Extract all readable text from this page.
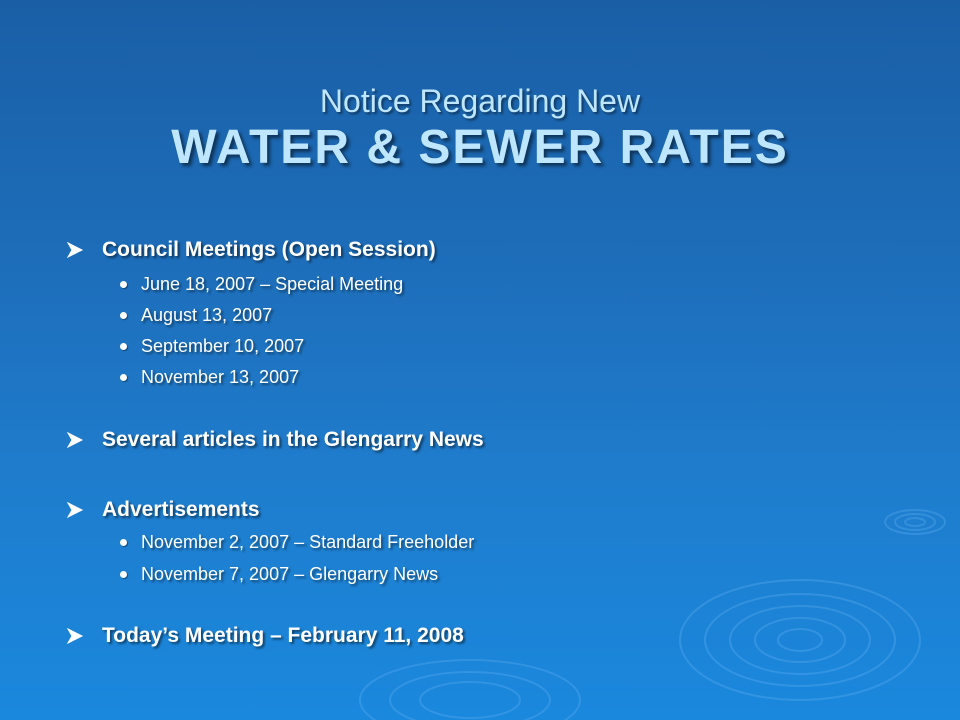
Notice Regarding New
WATER & SEWER RATES
Council Meetings (Open Session)
June 18, 2007 – Special Meeting
August 13, 2007
September 10, 2007
November 13, 2007
Several articles in the Glengarry News
Advertisements
November 2, 2007 – Standard Freeholder
November 7, 2007 – Glengarry News
Today’s Meeting – February 11, 2008
